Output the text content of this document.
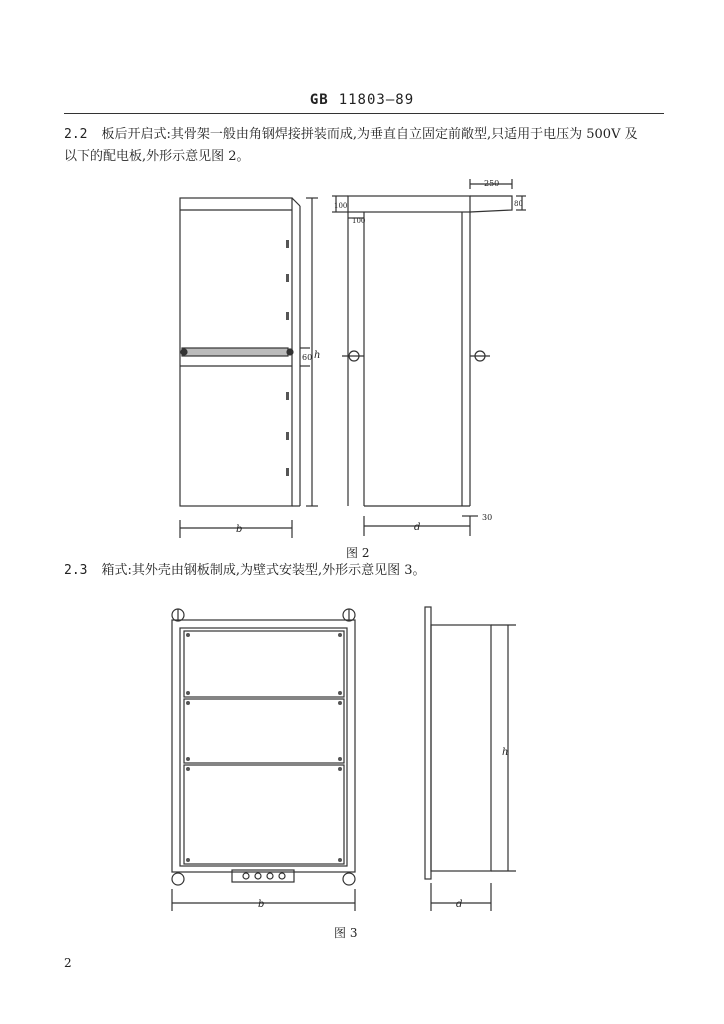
GB 11803—89
2.2 板后开启式:其骨架一般由角钢焊接拼装而成,为垂直自立固定前敞型,只适用于电压为 500V 及
以下的配电板,外形示意见图 2。
b
h
60
d
250
100
100
80
30
图 2
2.3 箱式:其外壳由钢板制成,为壁式安装型,外形示意见图 3。
b
h
d
图 3
2
